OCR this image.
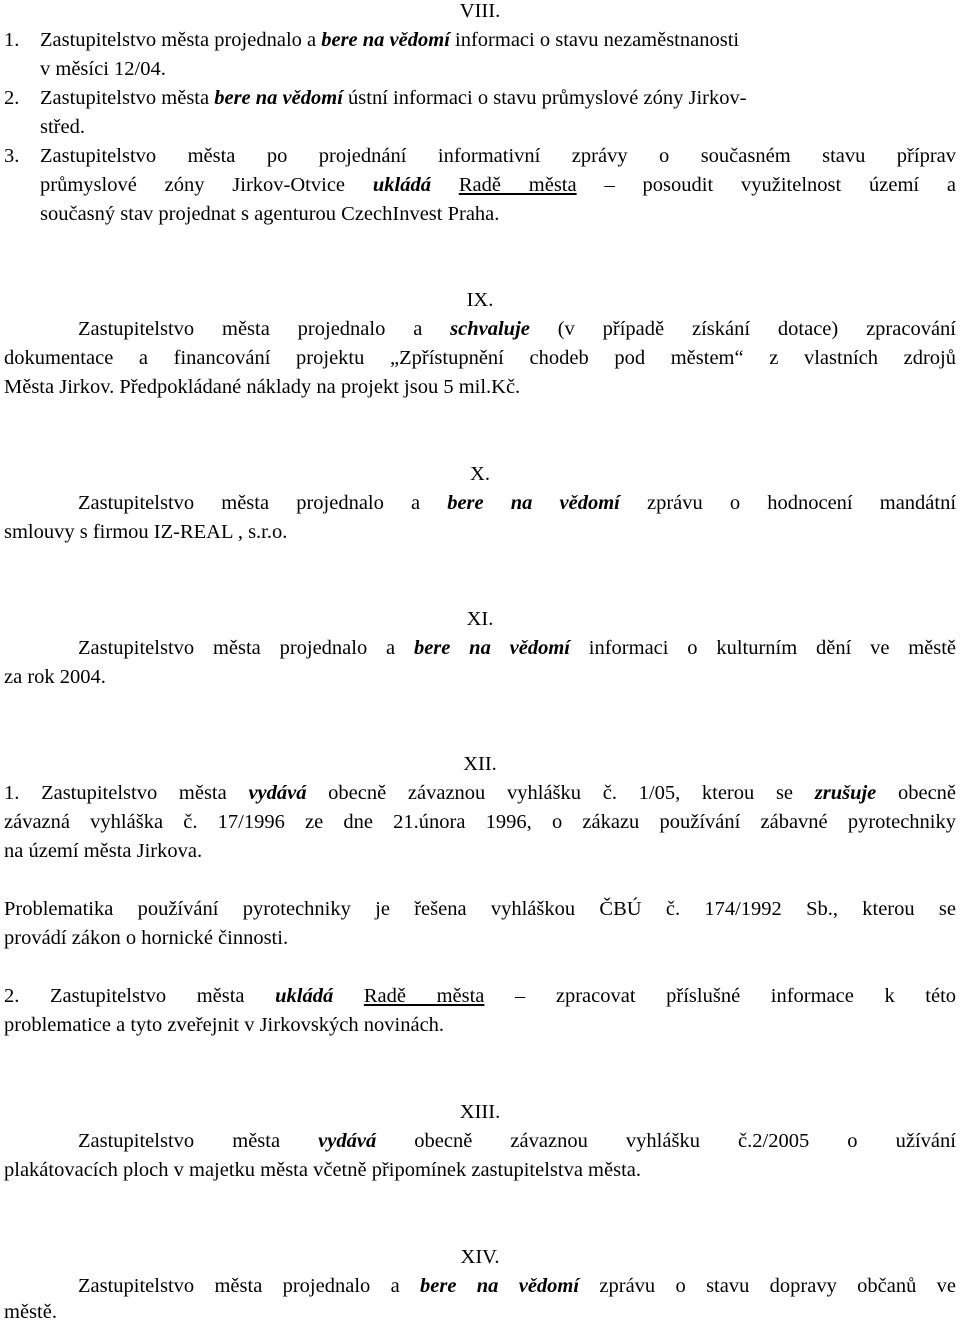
VIII.
1.	Zastupitelstvo města projednalo a bere na vědomí informaci o stavu nezaměstnanosti
v měsíci 12/04.
2.	Zastupitelstvo města bere na vědomí ústní informaci o stavu průmyslové zóny Jirkov-
střed.
3.	Zastupitelstvo města po projednání informativní zprávy o současném stavu příprav
průmyslové zóny Jirkov-Otvice ukládá Radě města – posoudit využitelnost území a
současný stav projednat s agenturou CzechInvest Praha.
IX.
Zastupitelstvo města projednalo a schvaluje (v případě získání dotace) zpracování
dokumentace a financování projektu „Zpřístupnění chodeb pod městem“ z vlastních zdrojů
Města Jirkov. Předpokládané náklady na projekt jsou 5 mil.Kč.
X.
Zastupitelstvo města projednalo a bere na vědomí zprávu o hodnocení mandátní
smlouvy s firmou IZ-REAL , s.r.o.
XI.
Zastupitelstvo města projednalo a bere na vědomí informaci o kulturním dění ve městě
za rok 2004.
XII.
1. Zastupitelstvo města vydává obecně závaznou vyhlášku č. 1/05, kterou se zrušuje obecně
závazná vyhláška č. 17/1996 ze dne 21.února 1996, o zákazu používání zábavné pyrotechniky
na území města Jirkova.
Problematika používání pyrotechniky je řešena vyhláškou ČBÚ č. 174/1992 Sb., kterou se
provádí zákon o hornické činnosti.
2. Zastupitelstvo města ukládá Radě města – zpracovat příslušné informace k této
problematice a tyto zveřejnit v Jirkovských novinách.
XIII.
Zastupitelstvo města vydává obecně závaznou vyhlášku č.2/2005 o užívání
plakátovacích ploch v majetku města včetně připomínek zastupitelstva města.
XIV.
Zastupitelstvo města projednalo a bere na vědomí zprávu o stavu dopravy občanů ve
městě.
